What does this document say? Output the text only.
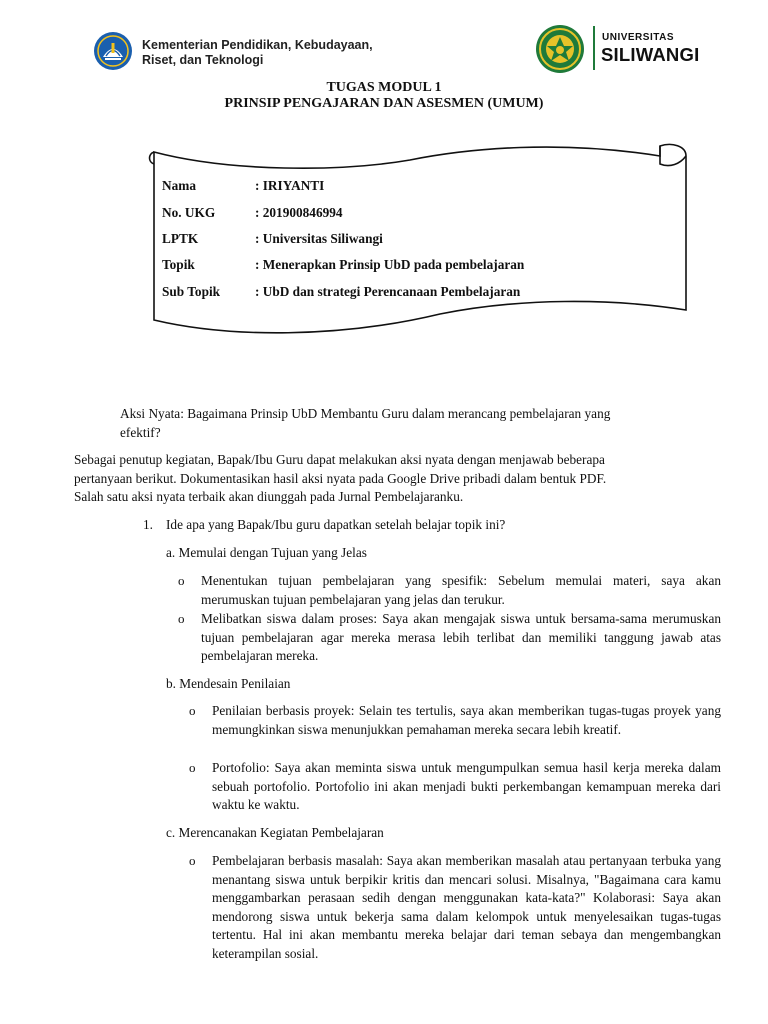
Kementerian Pendidikan, Kebudayaan,
Riset, dan Teknologi
UNIVERSITAS
SILIWANGI
TUGAS MODUL 1
PRINSIP PENGAJARAN DAN ASESMEN (UMUM)
Nama	: IRIYANTI
No. UKG	: 201900846994
LPTK	: Universitas Siliwangi
Topik	: Menerapkan Prinsip UbD pada pembelajaran
Sub Topik	: UbD dan strategi Perencanaan Pembelajaran
Aksi Nyata: Bagaimana Prinsip UbD Membantu Guru dalam merancang pembelajaran yang
efektif?
Sebagai penutup kegiatan, Bapak/Ibu Guru dapat melakukan aksi nyata dengan menjawab beberapa
pertanyaan berikut. Dokumentasikan hasil aksi nyata pada Google Drive pribadi dalam bentuk PDF.
Salah satu aksi nyata terbaik akan diunggah pada Jurnal Pembelajaranku.
1. Ide apa yang Bapak/Ibu guru dapatkan setelah belajar topik ini?
a. Memulai dengan Tujuan yang Jelas
o Menentukan tujuan pembelajaran yang spesifik: Sebelum memulai materi, saya akan merumuskan tujuan pembelajaran yang jelas dan terukur.
o Melibatkan siswa dalam proses: Saya akan mengajak siswa untuk bersama-sama merumuskan tujuan pembelajaran agar mereka merasa lebih terlibat dan memiliki tanggung jawab atas pembelajaran mereka.
b. Mendesain Penilaian
o Penilaian berbasis proyek: Selain tes tertulis, saya akan memberikan tugas-tugas proyek yang memungkinkan siswa menunjukkan pemahaman mereka secara lebih kreatif.
o Portofolio: Saya akan meminta siswa untuk mengumpulkan semua hasil kerja mereka dalam sebuah portofolio. Portofolio ini akan menjadi bukti perkembangan kemampuan mereka dari waktu ke waktu.
c. Merencanakan Kegiatan Pembelajaran
o Pembelajaran berbasis masalah: Saya akan memberikan masalah atau pertanyaan terbuka yang menantang siswa untuk berpikir kritis dan mencari solusi. Misalnya, "Bagaimana cara kamu menggambarkan perasaan sedih dengan menggunakan kata-kata?" Kolaborasi: Saya akan mendorong siswa untuk bekerja sama dalam kelompok untuk menyelesaikan tugas-tugas tertentu. Hal ini akan membantu mereka belajar dari teman sebaya dan mengembangkan keterampilan sosial.
